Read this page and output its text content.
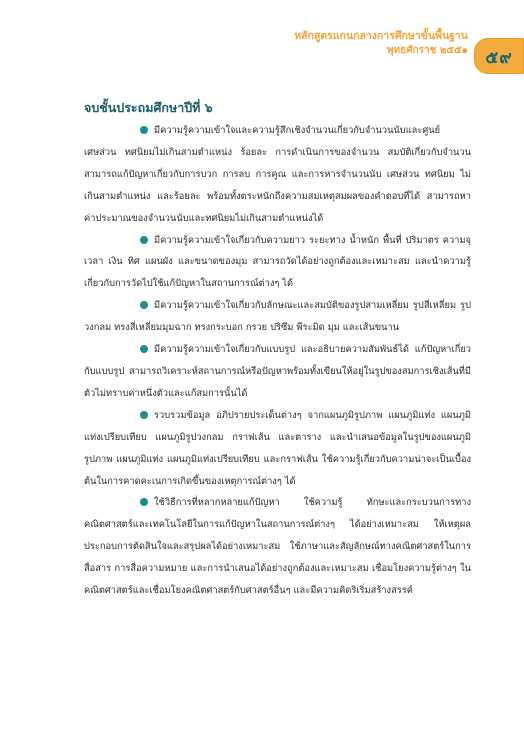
หลักสูตรแกนกลางการศึกษาขั้นพื้นฐาน
พุทธศักราช ๒๕๕๑	๕๙
จบชั้นประถมศึกษาปีที่ ๖

มีความรู้ความเข้าใจและความรู้สึกเชิงจำนวนเกี่ยวกับจำนวนนับและศูนย์ เศษส่วน ทศนิยมไม่เกินสามตำแหน่ง ร้อยละ การดำเนินการของจำนวน สมบัติเกี่ยวกับจำนวน สามารถแก้ปัญหาเกี่ยวกับการบวก การลบ การคูณ และการหารจำนวนนับ เศษส่วน ทศนิยม ไม่เกินสามตำแหน่ง และร้อยละ พร้อมทั้งตระหนักถึงความสมเหตุสมผลของคำตอบที่ได้ สามารถหาค่าประมาณของจำนวนนับและทศนิยมไม่เกินสามตำแหน่งได้

มีความรู้ความเข้าใจเกี่ยวกับความยาว ระยะทาง น้ำหนัก พื้นที่ ปริมาตร ความจุ เวลา เงิน ทิศ แผนผัง และขนาดของมุม สามารถวัดได้อย่างถูกต้องและเหมาะสม และนำความรู้เกี่ยวกับการวัดไปใช้แก้ปัญหาในสถานการณ์ต่างๆ ได้

มีความรู้ความเข้าใจเกี่ยวกับลักษณะและสมบัติของรูปสามเหลี่ยม รูปสี่เหลี่ยม รูปวงกลม ทรงสี่เหลี่ยมมุมฉาก ทรงกระบอก กรวย ปริซึม พีระมิด มุม และเส้นขนาน

มีความรู้ความเข้าใจเกี่ยวกับแบบรูป และอธิบายความสัมพันธ์ได้ แก้ปัญหาเกี่ยวกับแบบรูป สามารถวิเคราะห์สถานการณ์หรือปัญหาพร้อมทั้งเขียนให้อยู่ในรูปของสมการเชิงเส้นที่มีตัวไม่ทราบค่าหนึ่งตัวและแก้สมการนั้นได้

รวบรวมข้อมูล อภิปรายประเด็นต่างๆ จากแผนภูมิรูปภาพ แผนภูมิแท่ง แผนภูมิแท่งเปรียบเทียบ แผนภูมิรูปวงกลม กราฟเส้น และตาราง และนำเสนอข้อมูลในรูปของแผนภูมิรูปภาพ แผนภูมิแท่ง แผนภูมิแท่งเปรียบเทียบ และกราฟเส้น ใช้ความรู้เกี่ยวกับความน่าจะเป็นเบื้องต้นในการคาดคะเนการเกิดขึ้นของเหตุการณ์ต่างๆ ได้

ใช้วิธีการที่หลากหลายแก้ปัญหา ใช้ความรู้ ทักษะและกระบวนการทางคณิตศาสตร์และเทคโนโลยีในการแก้ปัญหาในสถานการณ์ต่างๆ ได้อย่างเหมาะสม ให้เหตุผลประกอบการตัดสินใจและสรุปผลได้อย่างเหมาะสม ใช้ภาษาและสัญลักษณ์ทางคณิตศาสตร์ในการสื่อสาร การสื่อความหมาย และการนำเสนอได้อย่างถูกต้องและเหมาะสม เชื่อมโยงความรู้ต่างๆ ในคณิตศาสตร์และเชื่อมโยงคณิตศาสตร์กับศาสตร์อื่นๆ และมีความคิดริเริ่มสร้างสรรค์
